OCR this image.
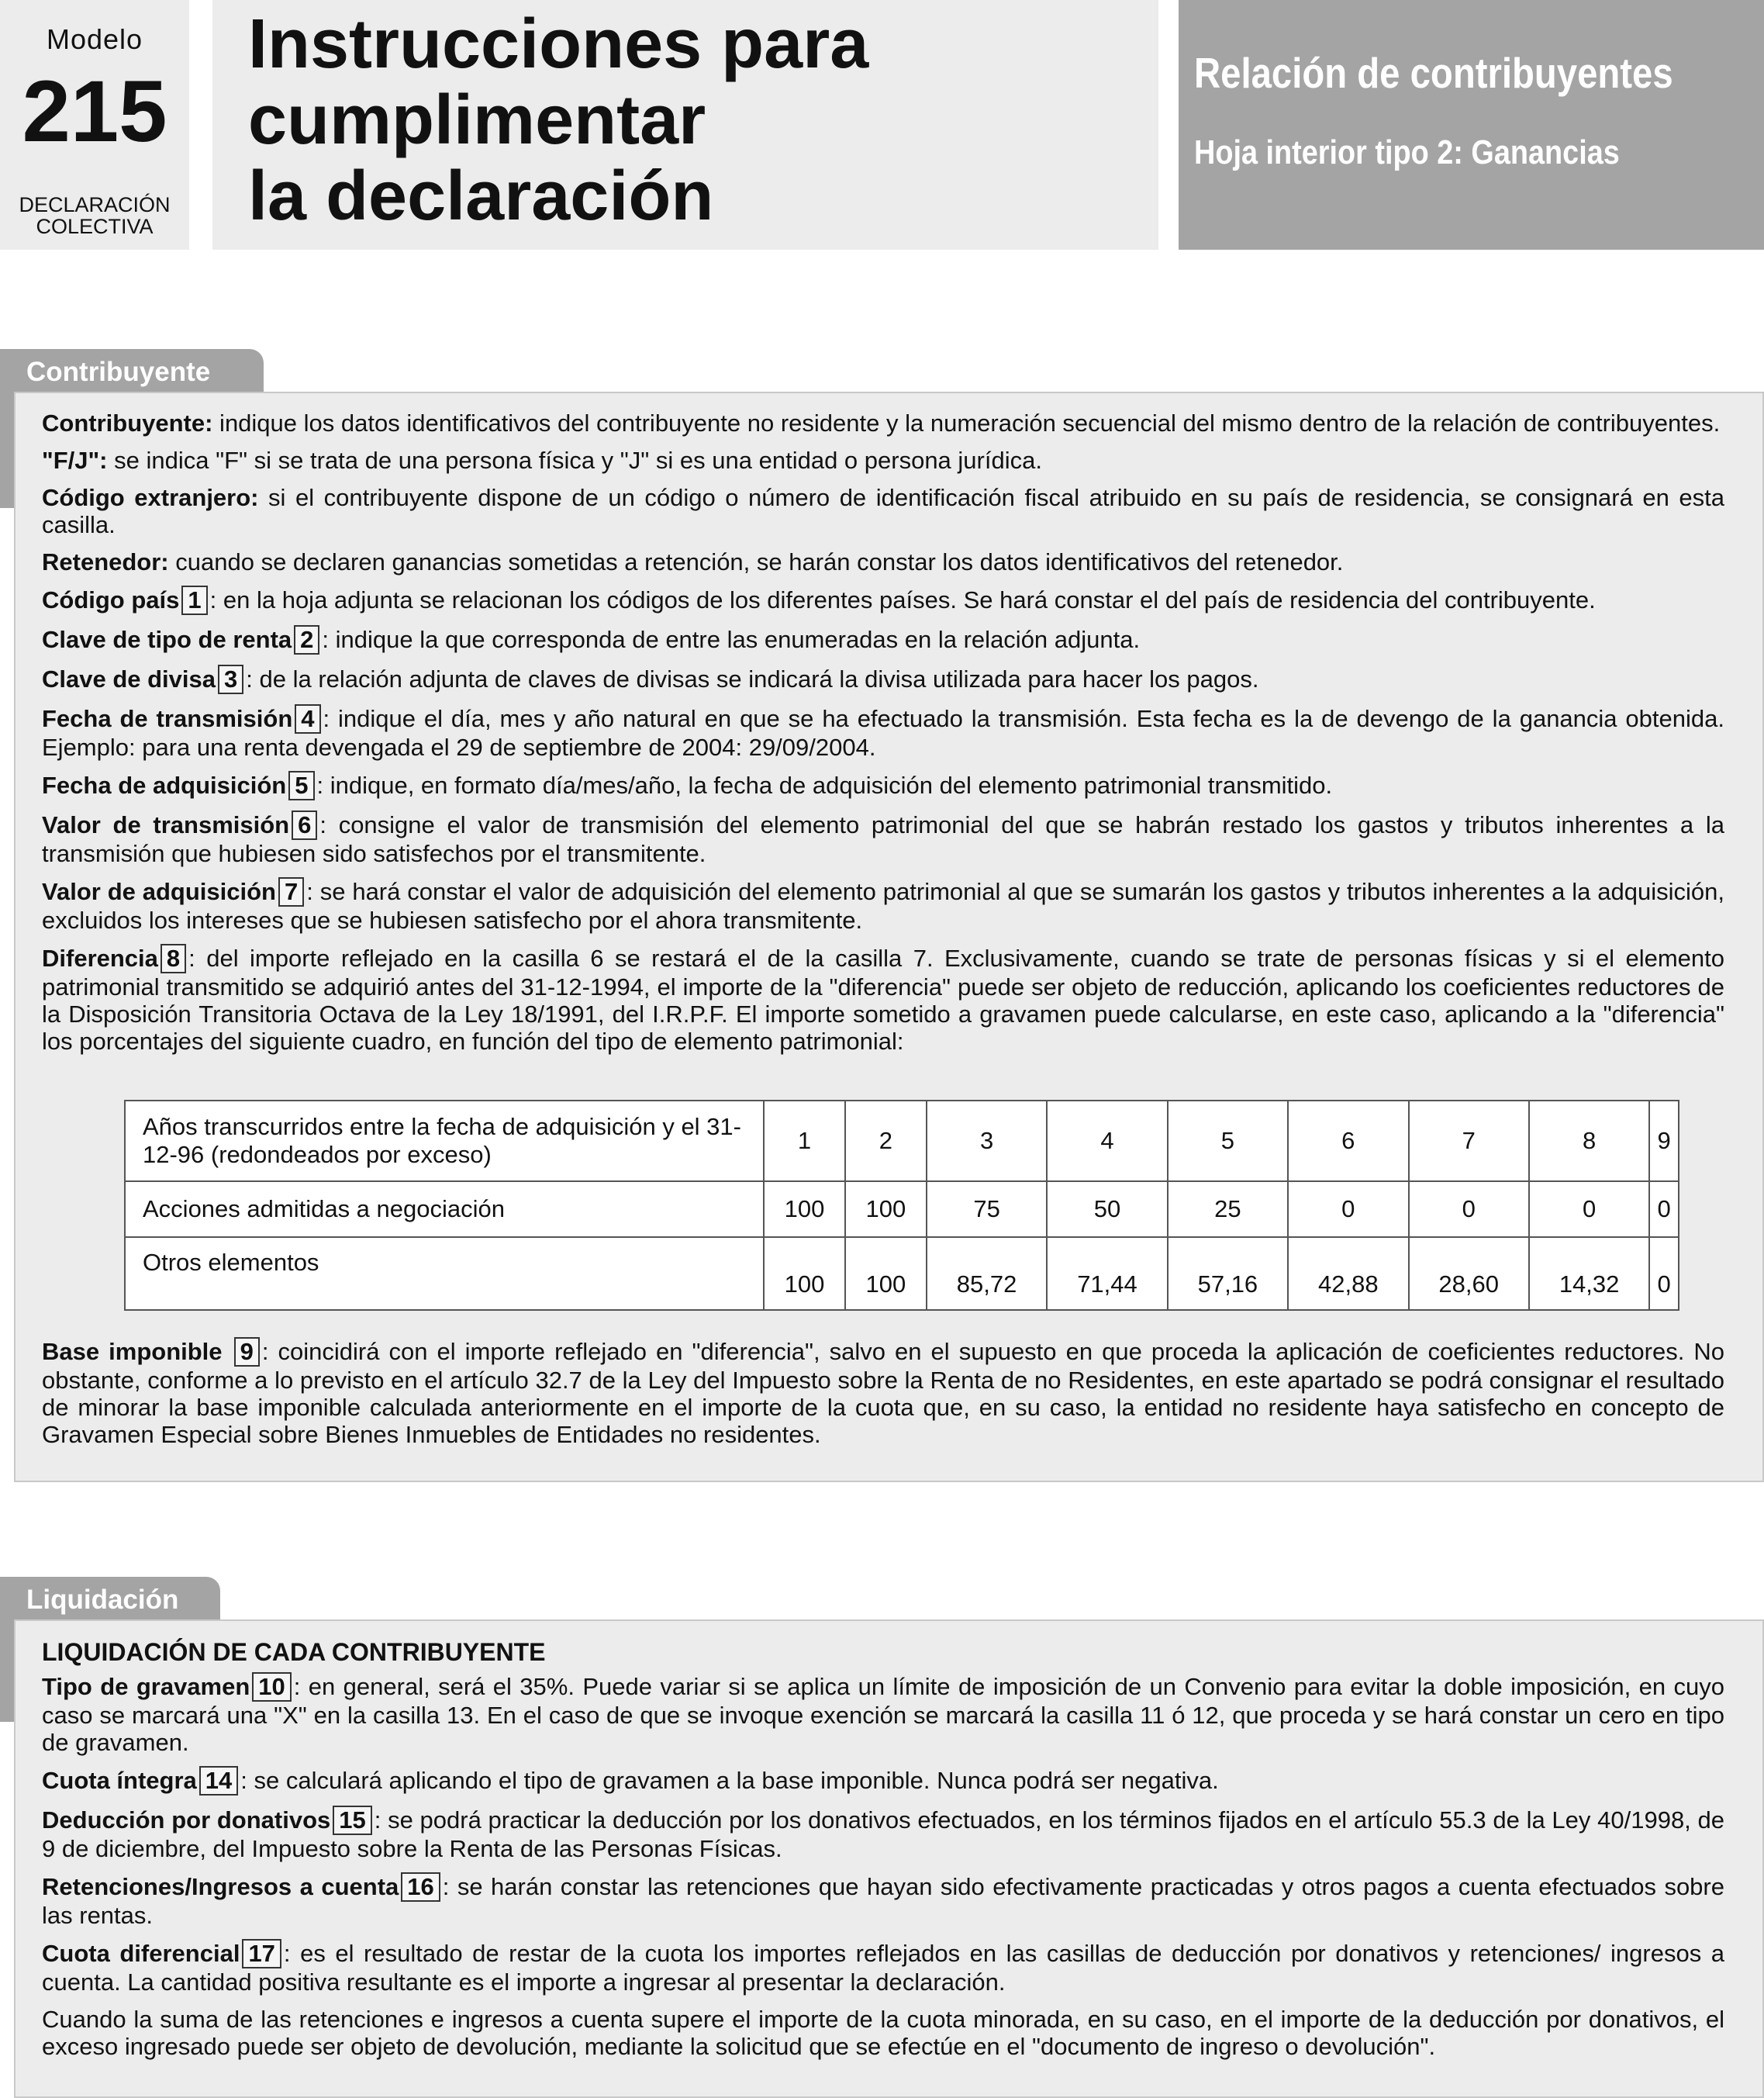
Modelo
215
DECLARACIÓN
COLECTIVA
Instrucciones para
cumplimentar
la declaración
Relación de contribuyentes
Hoja interior tipo 2: Ganancias
Contribuyente

Contribuyente: indique los datos identificativos del contribuyente no residente y la numeración secuencial del mismo dentro de la relación de contribuyentes.

"F/J": se indica "F" si se trata de una persona física y "J" si es una entidad o persona jurídica.

Código extranjero: si el contribuyente dispone de un código o número de identificación fiscal atribuido en su país de residencia, se consignará en esta casilla.

Retenedor: cuando se declaren ganancias sometidas a retención, se harán constar los datos identificativos del retenedor.

Código país 1 : en la hoja adjunta se relacionan los códigos de los diferentes países. Se hará constar el del país de residencia del contribuyente.

Clave de tipo de renta 2 : indique la que corresponda de entre las enumeradas en la relación adjunta.

Clave de divisa 3 : de la relación adjunta de claves de divisas se indicará la divisa utilizada para hacer los pagos.

Fecha de transmisión 4 : indique el día, mes y año natural en que se ha efectuado la transmisión. Esta fecha es la de devengo de la ganancia obtenida. Ejemplo: para una renta devengada el 29 de septiembre de 2004: 29/09/2004.

Fecha de adquisición 5 : indique, en formato día/mes/año, la fecha de adquisición del elemento patrimonial transmitido.

Valor de transmisión 6 : consigne el valor de transmisión del elemento patrimonial del que se habrán restado los gastos y tributos inherentes a la transmisión que hubiesen sido satisfechos por el transmitente.

Valor de adquisición 7 : se hará constar el valor de adquisición del elemento patrimonial al que se sumarán los gastos y tributos inherentes a la adquisición, excluidos los intereses que se hubiesen satisfecho por el ahora transmitente.

Diferencia 8 : del importe reflejado en la casilla 6 se restará el de la casilla 7. Exclusivamente, cuando se trate de personas físicas y si el elemento patrimonial transmitido se adquirió antes del 31-12-1994, el importe de la "diferencia" puede ser objeto de reducción, aplicando los coeficientes reductores de la Disposición Transitoria Octava de la Ley 18/1991, del I.R.P.F. El importe sometido a gravamen puede calcularse, en este caso, aplicando a la "diferencia" los porcentajes del siguiente cuadro, en función del tipo de elemento patrimonial:

Años transcurridos entre la fecha de adquisición y el 31-12-96 (redondeados por exceso)	1	2	3	4	5	6	7	8	9
Acciones admitidas a negociación	100	100	75	50	25	0	0	0	0
Otros elementos	100	100	85,72	71,44	57,16	42,88	28,60	14,32	0

Base imponible 9 : coincidirá con el importe reflejado en "diferencia", salvo en el supuesto en que proceda la aplicación de coeficientes reductores. No obstante, conforme a lo previsto en el artículo 32.7 de la Ley del Impuesto sobre la Renta de no Residentes, en este apartado se podrá consignar el resultado de minorar la base imponible calculada anteriormente en el importe de la cuota que, en su caso, la entidad no residente haya satisfecho en concepto de Gravamen Especial sobre Bienes Inmuebles de Entidades no residentes.

Liquidación
LIQUIDACIÓN DE CADA CONTRIBUYENTE

Tipo de gravamen 10 : en general, será el 35%. Puede variar si se aplica un límite de imposición de un Convenio para evitar la doble imposición, en cuyo caso se marcará una "X" en la casilla 13. En el caso de que se invoque exención se marcará la casilla 11 ó 12, que proceda y se hará constar un cero en tipo de gravamen.

Cuota íntegra 14 : se calculará aplicando el tipo de gravamen a la base imponible. Nunca podrá ser negativa.

Deducción por donativos 15 : se podrá practicar la deducción por los donativos efectuados, en los términos fijados en el artículo 55.3 de la Ley 40/1998, de 9 de diciembre, del Impuesto sobre la Renta de las Personas Físicas.

Retenciones/Ingresos a cuenta 16 : se harán constar las retenciones que hayan sido efectivamente practicadas y otros pagos a cuenta efectuados sobre las rentas.

Cuota diferencial 17 : es el resultado de restar de la cuota los importes reflejados en las casillas de deducción por donativos y retenciones/ ingresos a cuenta. La cantidad positiva resultante es el importe a ingresar al presentar la declaración.

Cuando la suma de las retenciones e ingresos a cuenta supere el importe de la cuota minorada, en su caso, en el importe de la deducción por donativos, el exceso ingresado puede ser objeto de devolución, mediante la solicitud que se efectúe en el "documento de ingreso o devolución".
